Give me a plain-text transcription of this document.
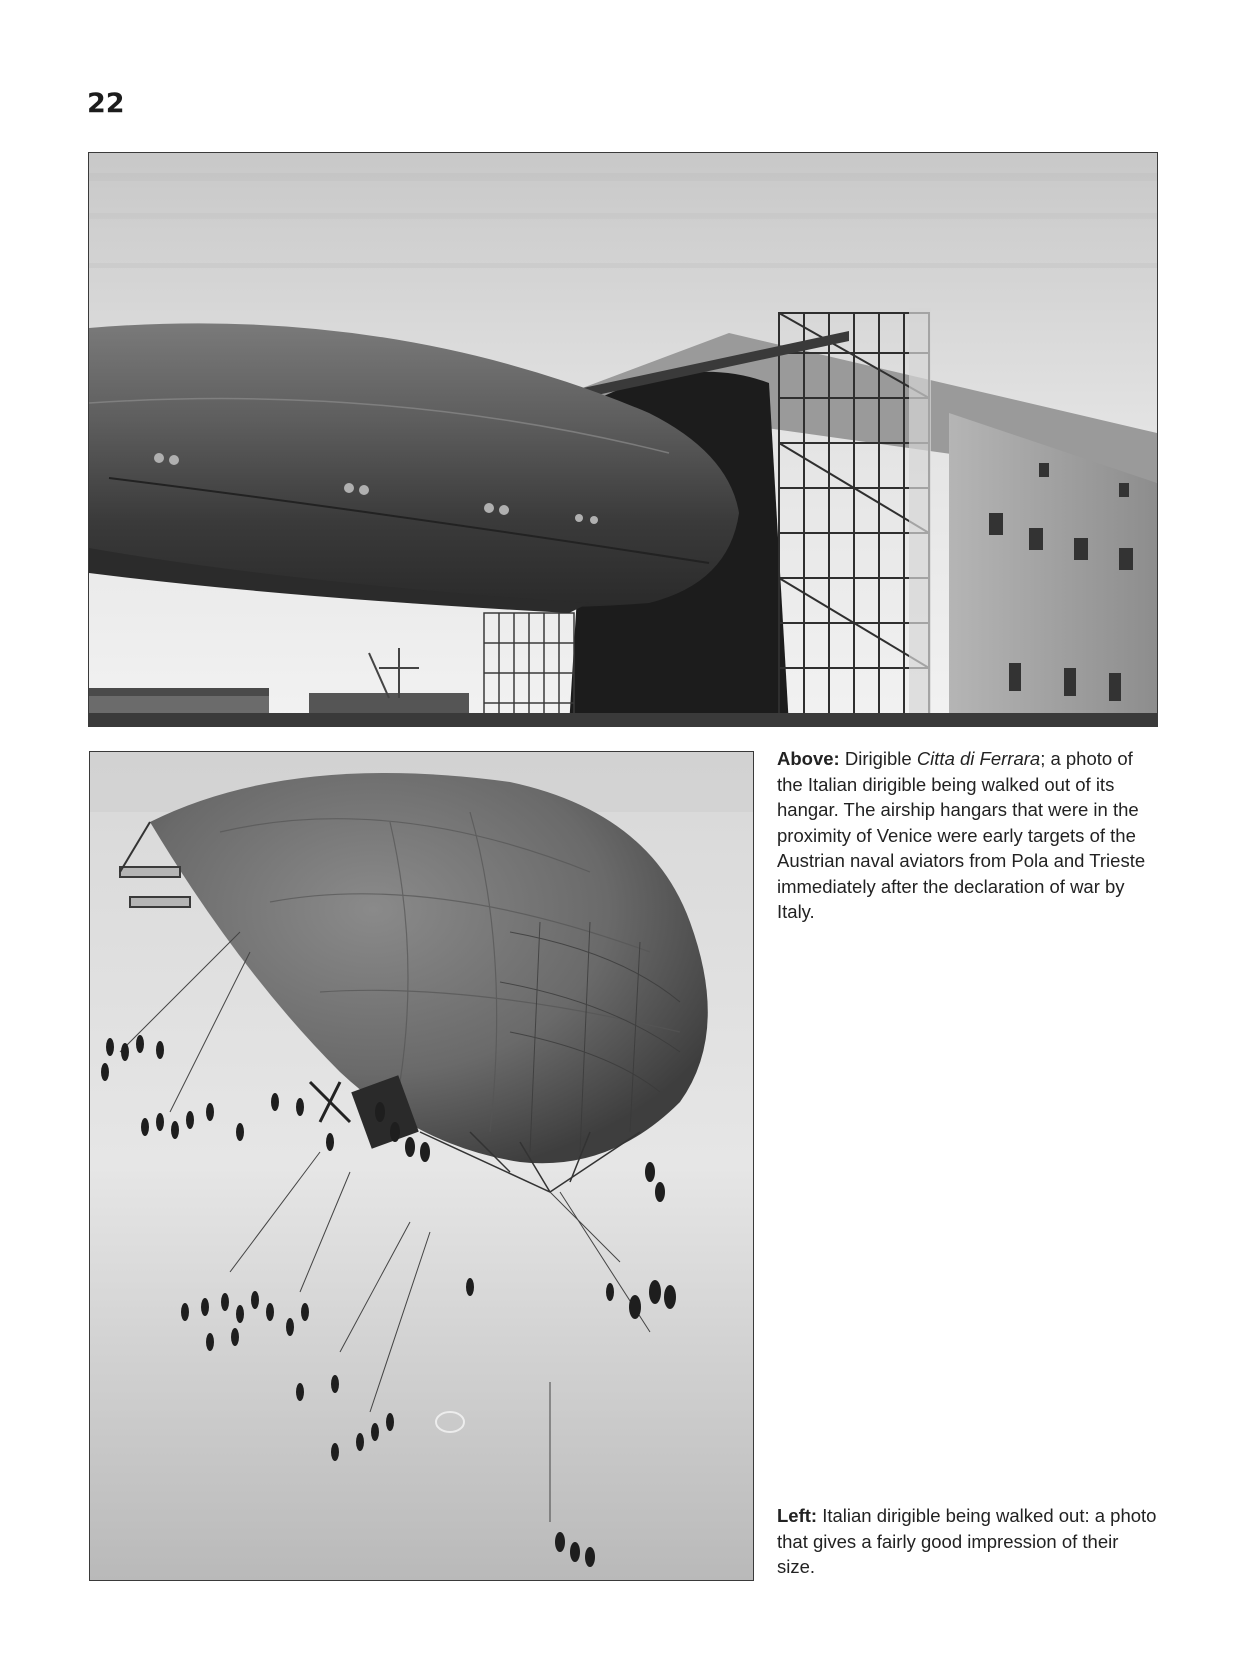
22
Above: Dirigible Citta di Ferrara; a photo of the Italian dirigible being walked out of its hangar. The airship hangars that were in the proximity of Venice were early targets of the Austrian naval aviators from Pola and Trieste immediately after the declaration of war by Italy.
Left: Italian dirigible being walked out: a photo that gives a fairly good impression of their size.
